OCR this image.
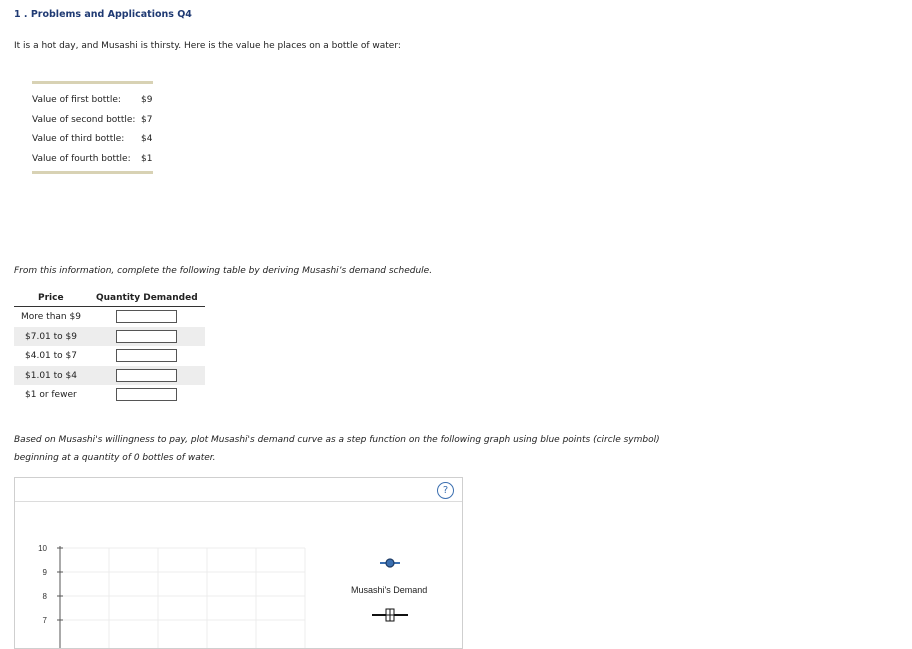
1 . Problems and Applications Q4
It is a hot day, and Musashi is thirsty. Here is the value he places on a bottle of water:
Value of first bottle: $9
Value of second bottle: $7
Value of third bottle: $4
Value of fourth bottle: $1
From this information, complete the following table by deriving Musashi’s demand schedule.
Price	Quantity Demanded
More than $9
$7.01 to $9
$4.01 to $7
$1.01 to $4
$1 or fewer
Based on Musashi's willingness to pay, plot Musashi's demand curve as a step function on the following graph using blue points (circle symbol)
beginning at a quantity of 0 bottles of water.
?
10
9
8
7
Musashi's Demand
